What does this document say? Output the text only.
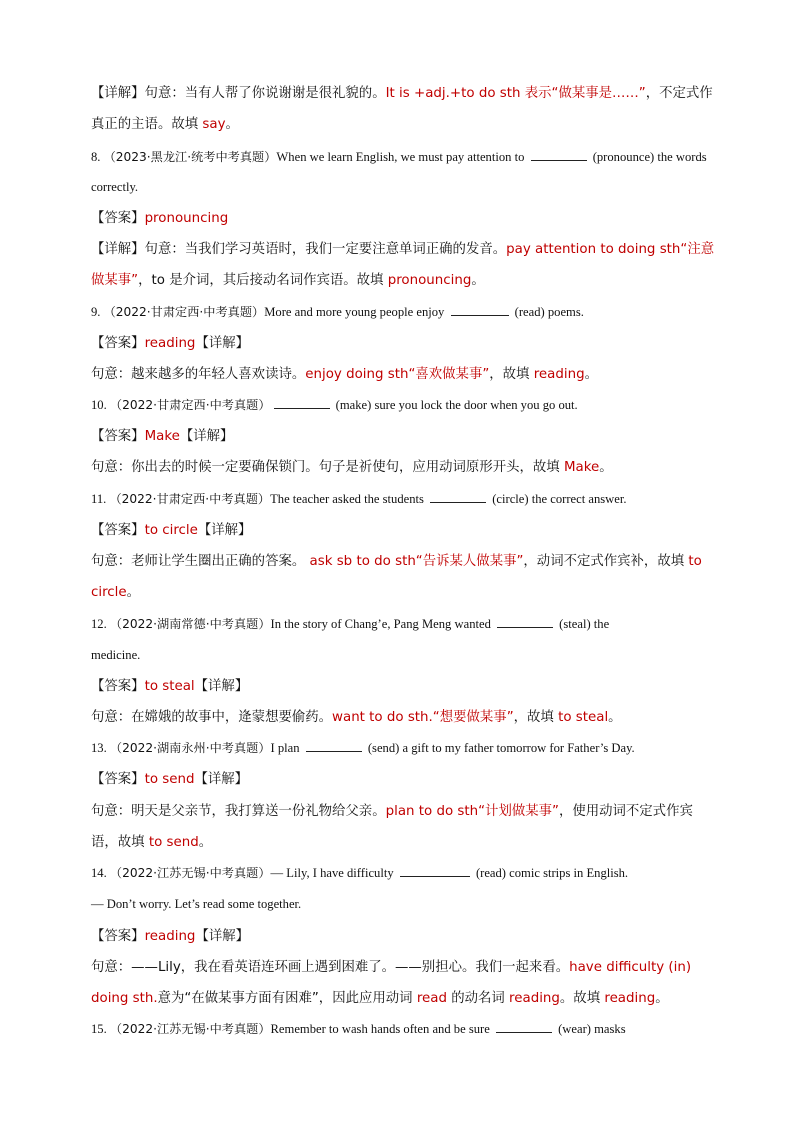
【详解】句意：当有人帮了你说谢谢是很礼貌的。It is +adj.+to do sth 表示“做某事是……”，不定式作
真正的主语。故填 say。
8. （2023·黑龙江·统考中考真题）When we learn English, we must pay attention to	(pronounce) the words
correctly.
【答案】pronouncing
【详解】句意：当我们学习英语时，我们一定要注意单词正确的发音。pay attention to doing sth“注意
做某事”，to 是介词，其后接动名词作宾语。故填 pronouncing。
9. （2022·甘肃定西·中考真题）More and more young people enjoy	(read) poems.
【答案】reading【详解】
句意：越来越多的年轻人喜欢读诗。enjoy doing sth“喜欢做某事”，故填 reading。
10. （2022·甘肃定西·中考真题）	(make) sure you lock the door when you go out.
【答案】Make【详解】
句意：你出去的时候一定要确保锁门。句子是祈使句，应用动词原形开头，故填 Make。
11. （2022·甘肃定西·中考真题）The teacher asked the students	(circle) the correct answer.
【答案】to circle【详解】
句意：老师让学生圈出正确的答案。 ask sb to do sth“告诉某人做某事”，动词不定式作宾补，故填 to
circle。
12. （2022·湖南常德·中考真题）In the story of Chang’e, Pang Meng wanted	(steal) the
medicine.
【答案】to steal【详解】
句意：在嫦娥的故事中，逄蒙想要偷药。want to do sth.“想要做某事”，故填 to steal。
13. （2022·湖南永州·中考真题）I plan	(send) a gift to my father tomorrow for Father’s Day.
【答案】to send【详解】
句意：明天是父亲节，我打算送一份礼物给父亲。plan to do sth“计划做某事”，使用动词不定式作宾
语，故填 to send。
14. （2022·江苏无锡·中考真题）— Lily, I have difficulty	(read) comic strips in English.
— Don’t worry. Let’s read some together.
【答案】reading【详解】
句意：——Lily，我在看英语连环画上遇到困难了。——别担心。我们一起来看。have difficulty (in)
doing sth.意为“在做某事方面有困难”，因此应用动词 read 的动名词 reading。故填 reading。
15. （2022·江苏无锡·中考真题）Remember to wash hands often and be sure	(wear) masks
